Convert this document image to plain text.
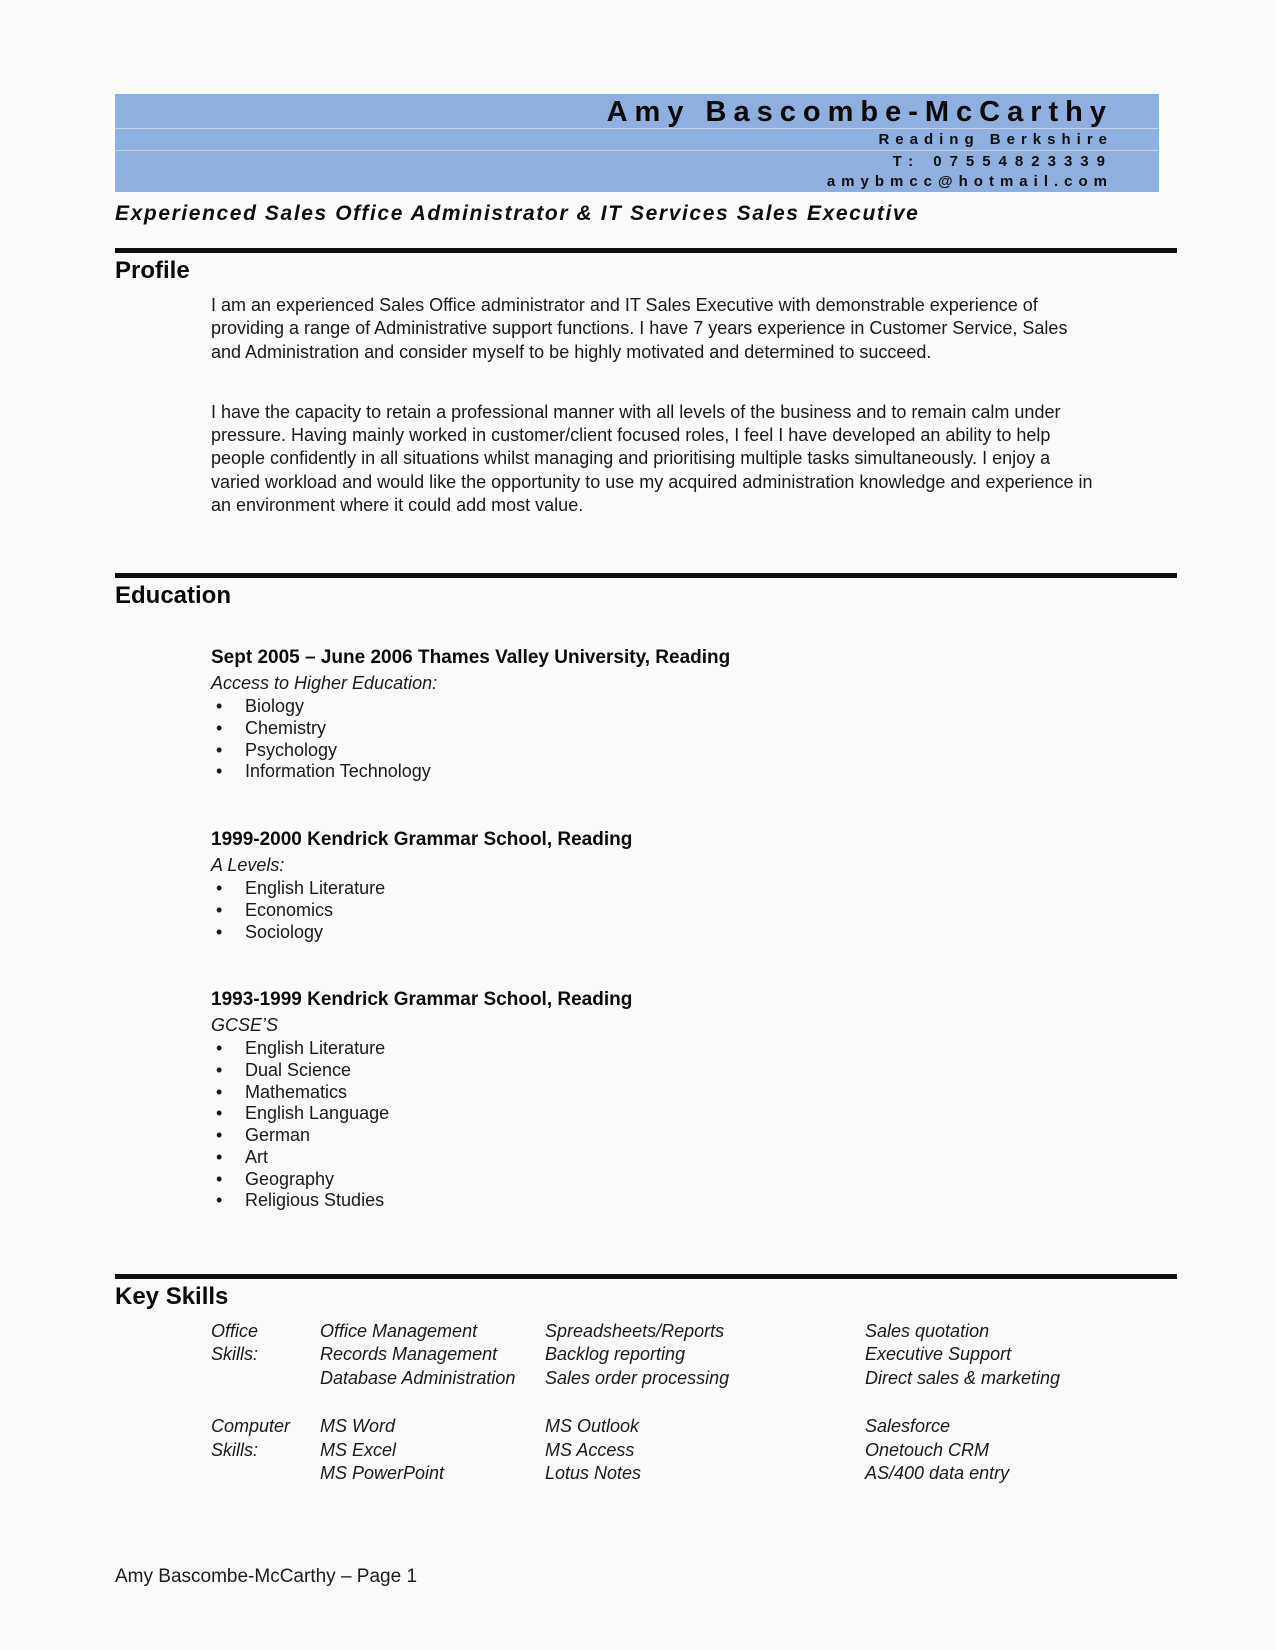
Amy Bascombe-McCarthy
Reading Berkshire
T: 07554823339
amybmcc@hotmail.com
Experienced Sales Office Administrator & IT Services Sales Executive
Profile

I am an experienced Sales Office administrator and IT Sales Executive with demonstrable experience of providing a range of Administrative support functions. I have 7 years experience in Customer Service, Sales and Administration and consider myself to be highly motivated and determined to succeed.

I have the capacity to retain a professional manner with all levels of the business and to remain calm under pressure. Having mainly worked in customer/client focused roles, I feel I have developed an ability to help people confidently in all situations whilst managing and prioritising multiple tasks simultaneously. I enjoy a varied workload and would like the opportunity to use my acquired administration knowledge and experience in an environment where it could add most value.

Education
Sept 2005 – June 2006 Thames Valley University, Reading
Access to Higher Education:
• Biology
• Chemistry
• Psychology
• Information Technology
1999-2000 Kendrick Grammar School, Reading
A Levels:
• English Literature
• Economics
• Sociology
1993-1999 Kendrick Grammar School, Reading
GCSE’S
• English Literature
• Dual Science
• Mathematics
• English Language
• German
• Art
• Geography
• Religious Studies
Key Skills
Office Skills:
Office Management
Records Management
Database Administration
Spreadsheets/Reports
Backlog reporting
Sales order processing
Sales quotation
Executive Support
Direct sales & marketing
Computer Skills:
MS Word
MS Excel
MS PowerPoint
MS Outlook
MS Access
Lotus Notes
Salesforce
Onetouch CRM
AS/400 data entry
Amy Bascombe-McCarthy – Page 1
